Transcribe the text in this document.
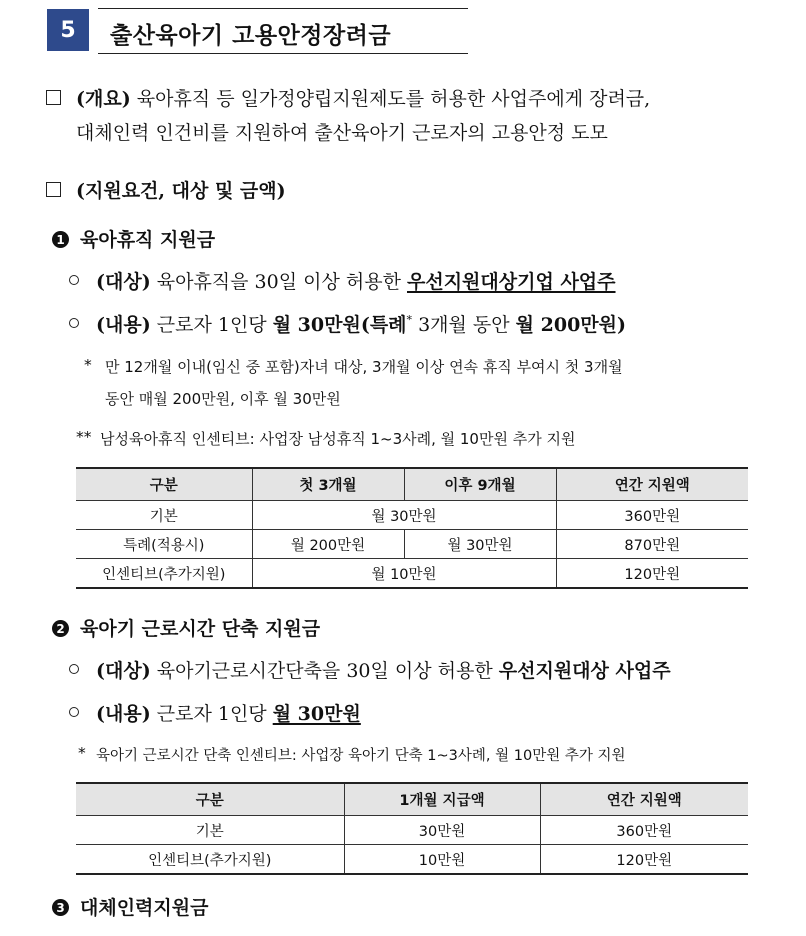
5	출산육아기 고용안정장려금
(개요) 육아휴직 등 일가정양립지원제도를 허용한 사업주에게 장려금,
대체인력 인건비를 지원하여 출산육아기 근로자의 고용안정 도모
(지원요건, 대상 및 금액)
1 육아휴직 지원금
(대상) 육아휴직을 30일 이상 허용한 우선지원대상기업 사업주
(내용) 근로자 1인당 월 30만원(특례* 3개월 동안 월 200만원)
* 만 12개월 이내(임신 중 포함)자녀 대상, 3개월 이상 연속 휴직 부여시 첫 3개월
동안 매월 200만원, 이후 월 30만원
** 남성육아휴직 인센티브: 사업장 남성휴직 1~3사례, 월 10만원 추가 지원
구분	첫 3개월	이후 9개월	연간 지원액
기본	월 30만원		360만원
특례(적용시)	월 200만원	월 30만원	870만원
인센티브(추가지원)	월 10만원		120만원
2 육아기 근로시간 단축 지원금
(대상) 육아기근로시간단축을 30일 이상 허용한 우선지원대상 사업주
(내용) 근로자 1인당 월 30만원
* 육아기 근로시간 단축 인센티브: 사업장 육아기 단축 1~3사례, 월 10만원 추가 지원
구분	1개월 지급액	연간 지원액
기본	30만원	360만원
인센티브(추가지원)	10만원	120만원
3 대체인력지원금
